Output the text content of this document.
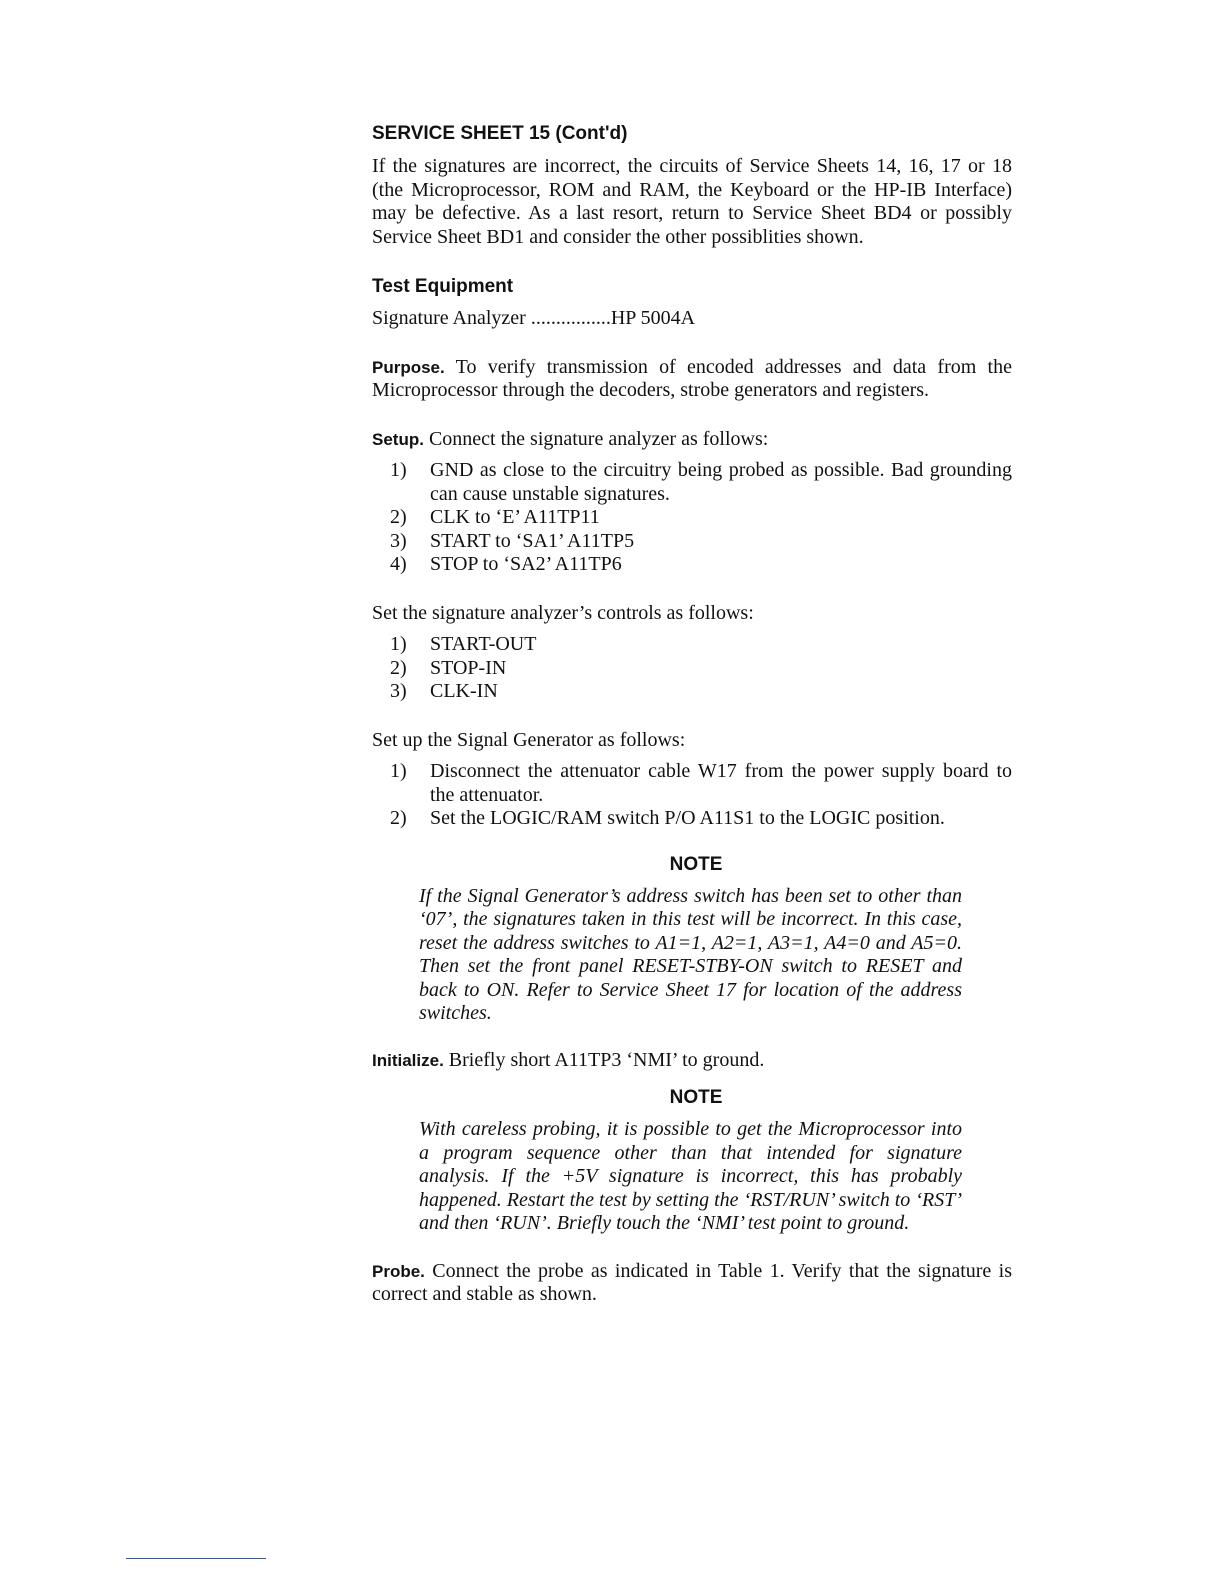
SERVICE SHEET 15 (Cont'd)

If the signatures are incorrect, the circuits of Service Sheets 14, 16, 17 or 18 (the Microprocessor, ROM and RAM, the Keyboard or the HP-IB Interface) may be defective. As a last resort, return to Service Sheet BD4 or possibly Service Sheet BD1 and consider the other possiblities shown.

Test Equipment

Signature Analyzer ................HP 5004A

Purpose. To verify transmission of encoded addresses and data from the Microprocessor through the decoders, strobe generators and registers.

Setup. Connect the signature analyzer as follows:

1)	GND as close to the circuitry being probed as possible. Bad grounding can cause unstable signatures.
2)	CLK to ‘E’ A11TP11
3)	START to ‘SA1’ A11TP5
4)	STOP to ‘SA2’ A11TP6

Set the signature analyzer’s controls as follows:

1)	START-OUT
2)	STOP-IN
3)	CLK-IN

Set up the Signal Generator as follows:

1)	Disconnect the attenuator cable W17 from the power supply board to the attenuator.
2)	Set the LOGIC/RAM switch P/O A11S1 to the LOGIC position.
NOTE

If the Signal Generator’s address switch has been set to other than ‘07’, the signatures taken in this test will be incorrect. In this case, reset the address switches to A1=1, A2=1, A3=1, A4=0 and A5=0. Then set the front panel RESET-STBY-ON switch to RESET and back to ON. Refer to Service Sheet 17 for location of the address switches.

Initialize. Briefly short A11TP3 ‘NMI’ to ground.

NOTE

With careless probing, it is possible to get the Microprocessor into a program sequence other than that intended for signature analysis. If the +5V signature is incorrect, this has probably happened. Restart the test by setting the ‘RST/RUN’ switch to ‘RST’ and then ‘RUN’. Briefly touch the ‘NMI’ test point to ground.

Probe. Connect the probe as indicated in Table 1. Verify that the signature is correct and stable as shown.
